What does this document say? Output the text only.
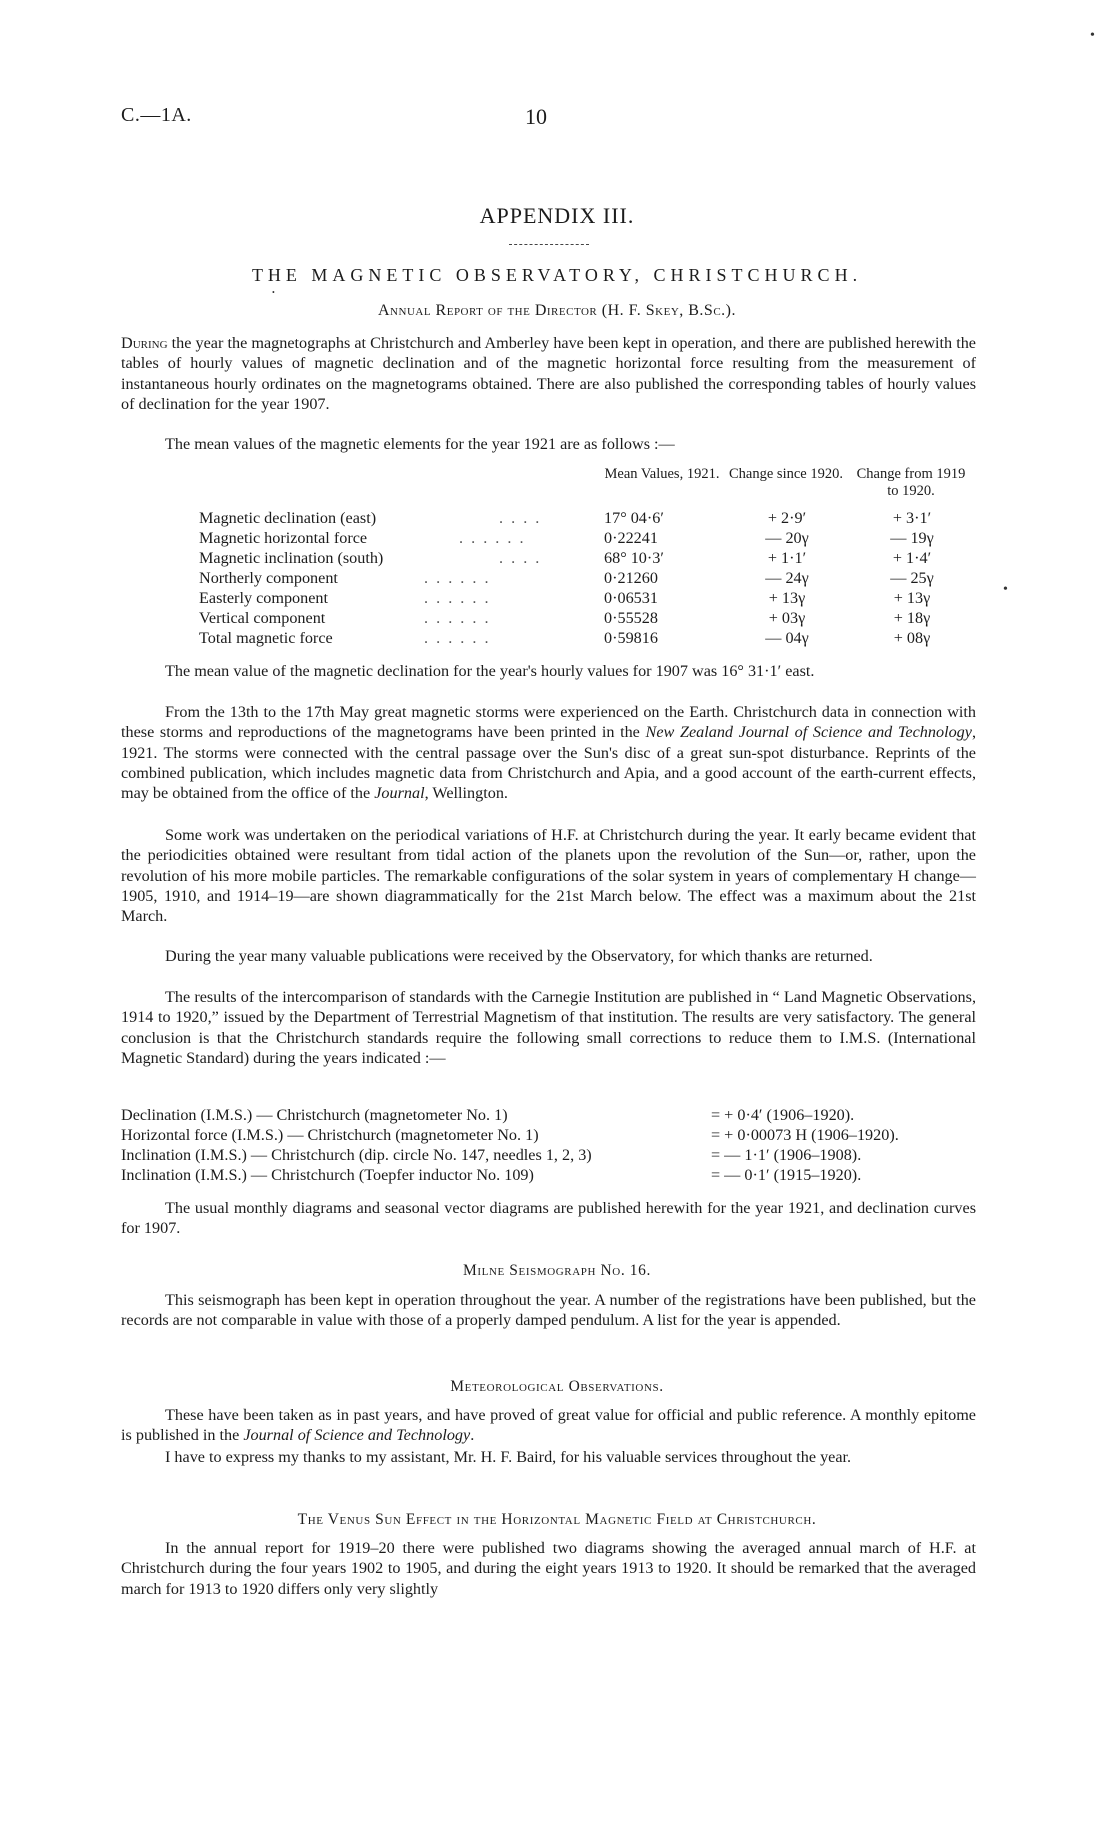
C.—1A.	10
APPENDIX III.
THE MAGNETIC OBSERVATORY, CHRISTCHURCH.
Annual Report of the Director (H. F. Skey, B.Sc.).
During the year the magnetographs at Christchurch and Amberley have been kept in operation, and there are published herewith the tables of hourly values of magnetic declination and of the magnetic horizontal force resulting from the measurement of instantaneous hourly ordinates on the magnetograms obtained. There are also published the corresponding tables of hourly values of declination for the year 1907.
The mean values of the magnetic elements for the year 1921 are as follows :—
Mean Values, 1921. Change since 1920. Change from 1919 to 1920.
Magnetic declination (east)	. . . .	17° 04·6′	+ 2·9′	+ 3·1′
Magnetic horizontal force	. . . . . .	0·22241	— 20γ	— 19γ
Magnetic inclination (south)	. . . .	68° 10·3′	+ 1·1′	+ 1·4′
Northerly component	. . . . . .	0·21260	— 24γ	— 25γ
Easterly component	. . . . . .	0·06531	+ 13γ	+ 13γ
Vertical component	. . . . . .	0·55528	+ 03γ	+ 18γ
Total magnetic force	. . . . . .	0·59816	— 04γ	+ 08γ
The mean value of the magnetic declination for the year's hourly values for 1907 was 16° 31·1′ east.
From the 13th to the 17th May great magnetic storms were experienced on the Earth. Christchurch data in connection with these storms and reproductions of the magnetograms have been printed in the New Zealand Journal of Science and Technology, 1921. The storms were connected with the central passage over the Sun's disc of a great sun-spot disturbance. Reprints of the combined publication, which includes magnetic data from Christchurch and Apia, and a good account of the earth-current effects, may be obtained from the office of the Journal, Wellington.
Some work was undertaken on the periodical variations of H.F. at Christchurch during the year. It early became evident that the periodicities obtained were resultant from tidal action of the planets upon the revolution of the Sun—or, rather, upon the revolution of his more mobile particles. The remarkable configurations of the solar system in years of complementary H change—1905, 1910, and 1914–19—are shown diagrammatically for the 21st March below. The effect was a maximum about the 21st March.
During the year many valuable publications were received by the Observatory, for which thanks are returned.
The results of the intercomparison of standards with the Carnegie Institution are published in “ Land Magnetic Observations, 1914 to 1920,” issued by the Department of Terrestrial Magnetism of that institution. The results are very satisfactory. The general conclusion is that the Christchurch standards require the following small corrections to reduce them to I.M.S. (International Magnetic Standard) during the years indicated :—
Declination (I.M.S.) — Christchurch (magnetometer No. 1)	= + 0·4′ (1906–1920).
Horizontal force (I.M.S.) — Christchurch (magnetometer No. 1)	= + 0·00073 H (1906–1920).
Inclination (I.M.S.) — Christchurch (dip. circle No. 147, needles 1, 2, 3)	= — 1·1′ (1906–1908).
Inclination (I.M.S.) — Christchurch (Toepfer inductor No. 109)	= — 0·1′ (1915–1920).
The usual monthly diagrams and seasonal vector diagrams are published herewith for the year 1921, and declination curves for 1907.
Milne Seismograph No. 16.
This seismograph has been kept in operation throughout the year. A number of the registrations have been published, but the records are not comparable in value with those of a properly damped pendulum. A list for the year is appended.
Meteorological Observations.
These have been taken as in past years, and have proved of great value for official and public reference. A monthly epitome is published in the Journal of Science and Technology.
I have to express my thanks to my assistant, Mr. H. F. Baird, for his valuable services throughout the year.
The Venus Sun Effect in the Horizontal Magnetic Field at Christchurch.
In the annual report for 1919–20 there were published two diagrams showing the averaged annual march of H.F. at Christchurch during the four years 1902 to 1905, and during the eight years 1913 to 1920. It should be remarked that the averaged march for 1913 to 1920 differs only very slightly
•
•
•
